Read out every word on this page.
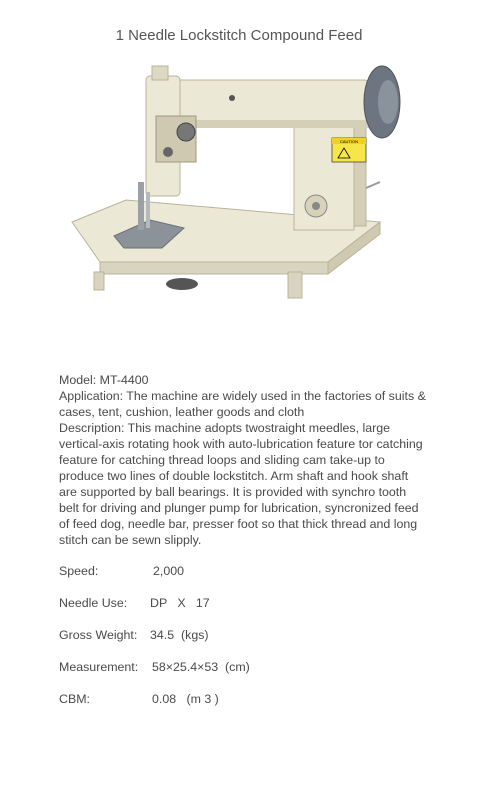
1 Needle Lockstitch Compound Feed
CAUTION

Model: MT-4400

Application: The machine are widely used in the factories of suits & cases, tent, cushion, leather goods and cloth

Description: This machine adopts twostraight meedles, large vertical-axis rotating hook with auto-lubrication feature tor catching feature for catching thread loops and sliding cam take-up to produce two lines of double lockstitch. Arm shaft and hook shaft are supported by ball bearings. It is provided with synchro tooth belt for driving and plunger pump for lubrication, syncronized feed of feed dog, needle bar, presser foot so that thick thread and long stitch can be sewn slipply.

Speed:

	2,000

Needle Use:

DP   X   17

Gross Weight:

34.5  (kgs)

Measurement:

58×25.4×53  (cm)

CBM:

	0.08   (m 3 )
